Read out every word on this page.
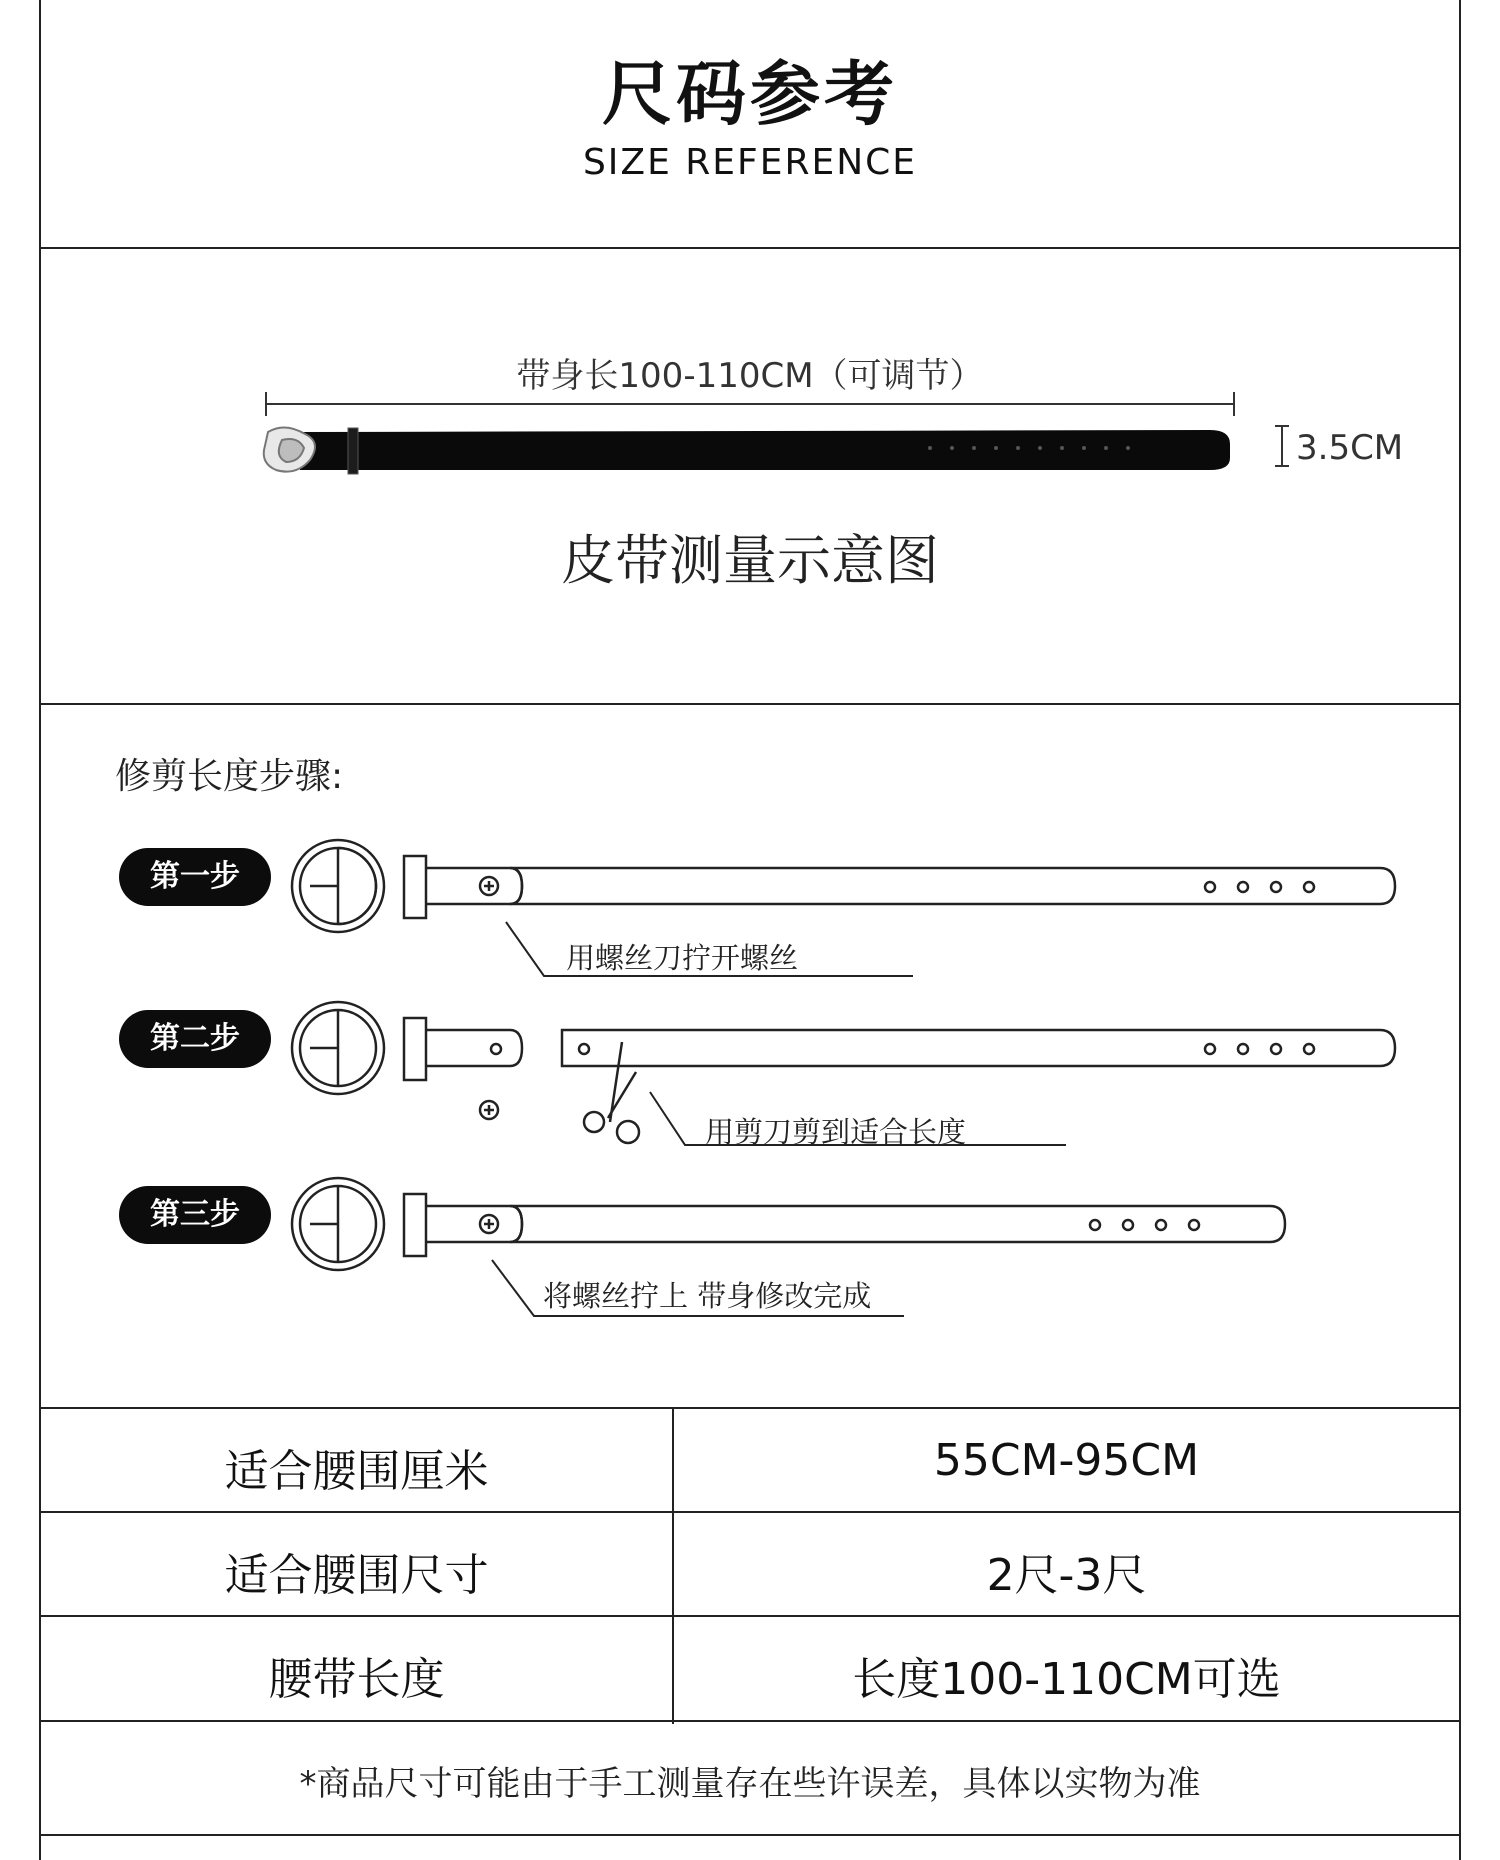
尺码参考
SIZE REFERENCE
带身长100-110CM（可调节）
3.5CM
皮带测量示意图
修剪长度步骤:
第一步
用螺丝刀拧开螺丝
第二步
用剪刀剪到适合长度
第三步
将螺丝拧上 带身修改完成
适合腰围厘米	55CM-95CM
适合腰围尺寸	2尺-3尺
腰带长度	长度100-110CM可选
*商品尺寸可能由于手工测量存在些许误差，具体以实物为准
